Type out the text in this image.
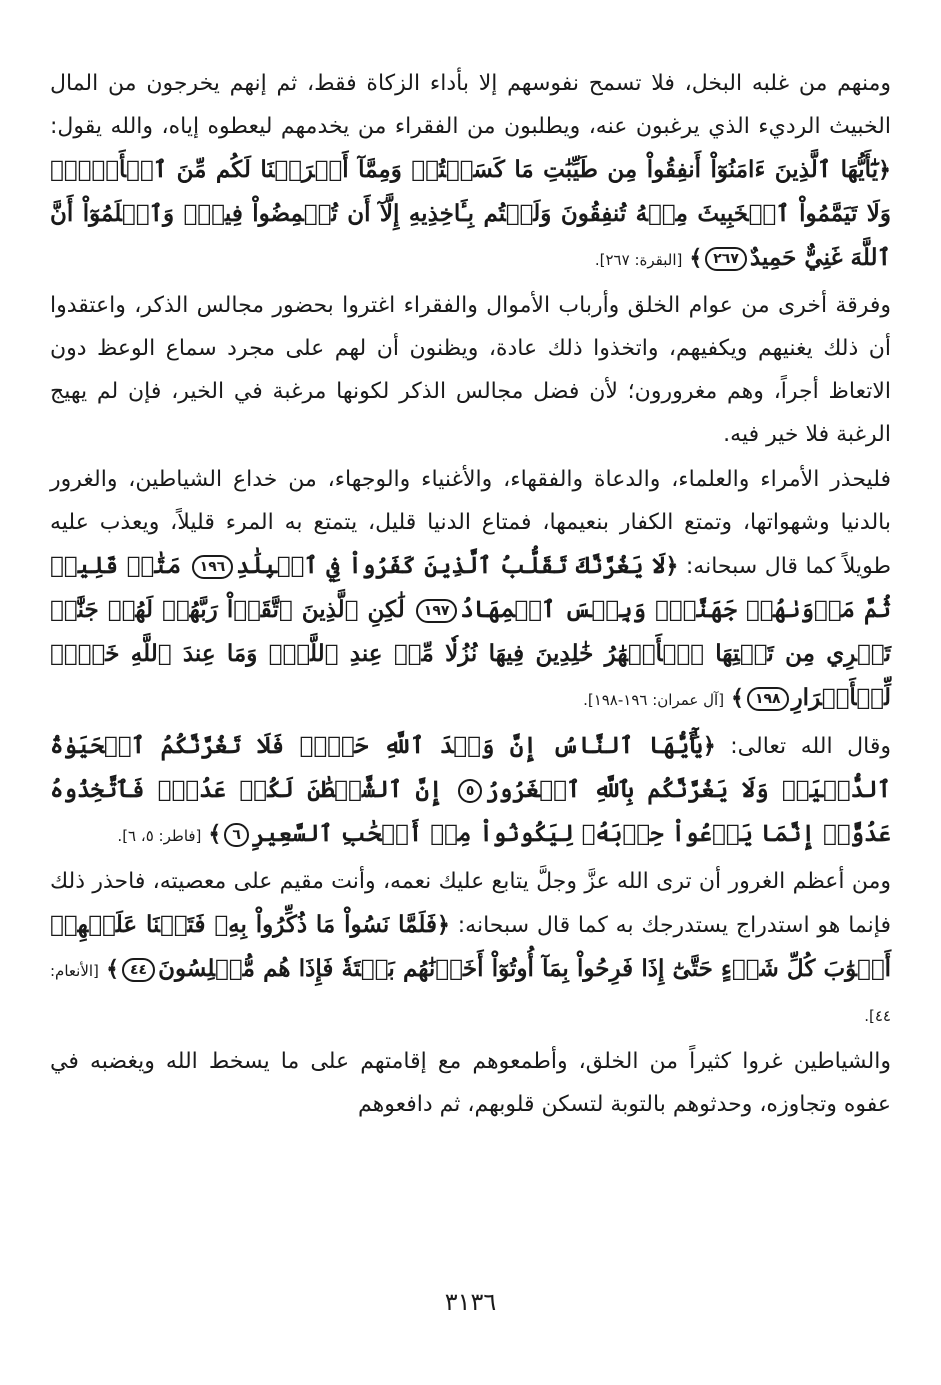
ومنهم من غلبه البخل، فلا تسمح نفوسهم إلا بأداء الزكاة فقط، ثم إنهم يخرجون من المال الخبيث الرديء الذي يرغبون عنه، ويطلبون من الفقراء من يخدمهم ليعطوه إياه، والله يقول: ﴿يَٰٓأَيُّهَا ٱلَّذِينَ ءَامَنُوٓاْ أَنفِقُواْ مِن طَيِّبَٰتِ مَا كَسَبۡتُمۡ وَمِمَّآ أَخۡرَجۡنَا لَكُم مِّنَ ٱلۡأَرۡضِۖ وَلَا تَيَمَّمُواْ ٱلۡخَبِيثَ مِنۡهُ تُنفِقُونَ وَلَسۡتُم بِـَٔاخِذِيهِ إِلَّآ أَن تُغۡمِضُواْ فِيهِۚ وَٱعۡلَمُوٓاْ أَنَّ ٱللَّهَ غَنِيٌّ حَمِيدٌ٢٦٧﴾ [البقرة: ٢٦٧].

وفرقة أخرى من عوام الخلق وأرباب الأموال والفقراء اغتروا بحضور مجالس الذكر، واعتقدوا أن ذلك يغنيهم ويكفيهم، واتخذوا ذلك عادة، ويظنون أن لهم على مجرد سماع الوعظ دون الاتعاظ أجراً، وهم مغرورون؛ لأن فضل مجالس الذكر لكونها مرغبة في الخير، فإن لم يهيج الرغبة فلا خير فيه.

فليحذر الأمراء والعلماء، والدعاة والفقهاء، والأغنياء والوجهاء، من خداع الشياطين، والغرور بالدنيا وشهواتها، وتمتع الكفار بنعيمها، فمتاع الدنيا قليل، يتمتع به المرء قليلاً، ويعذب عليه طويلاً كما قال سبحانه: ﴿لَا يَغُرَّنَّكَ تَقَلُّبُ ٱلَّذِينَ كَفَرُواْ فِي ٱلۡبِلَٰدِ١٩٦ مَتَٰعٞ قَلِيلٞ ثُمَّ مَأۡوَىٰهُمۡ جَهَنَّمُۖ وَبِئۡسَ ٱلۡمِهَادُ١٩٧ لَٰكِنِ ٱلَّذِينَ ٱتَّقَوۡاْ رَبَّهُمۡ لَهُمۡ جَنَّٰتٞ تَجۡرِي مِن تَحۡتِهَا ٱلۡأَنۡهَٰرُ خَٰلِدِينَ فِيهَا نُزُلٗا مِّنۡ عِندِ ٱللَّهِۗ وَمَا عِندَ ٱللَّهِ خَيۡرٞ لِّلۡأَبۡرَارِ١٩٨﴾ [آل عمران: ١٩٦-١٩٨].

وقال الله تعالى: ﴿يَٰٓأَيُّهَا ٱلنَّاسُ إِنَّ وَعۡدَ ٱللَّهِ حَقّٞۖ فَلَا تَغُرَّنَّكُمُ ٱلۡحَيَوٰةُ ٱلدُّنۡيَاۖ وَلَا يَغُرَّنَّكُم بِٱللَّهِ ٱلۡغَرُورُ٥ إِنَّ ٱلشَّيۡطَٰنَ لَكُمۡ عَدُوّٞ فَٱتَّخِذُوهُ عَدُوًّاۚ إِنَّمَا يَدۡعُواْ حِزۡبَهُۥ لِيَكُونُواْ مِنۡ أَصۡحَٰبِ ٱلسَّعِيرِ٦﴾ [فاطر: ٥، ٦].

ومن أعظم الغرور أن ترى الله عزَّ وجلَّ يتابع عليك نعمه، وأنت مقيم على معصيته، فاحذر ذلك فإنما هو استدراج يستدرجك به كما قال سبحانه: ﴿فَلَمَّا نَسُواْ مَا ذُكِّرُواْ بِهِۦ فَتَحۡنَا عَلَيۡهِمۡ أَبۡوَٰبَ كُلِّ شَيۡءٍ حَتَّىٰٓ إِذَا فَرِحُواْ بِمَآ أُوتُوٓاْ أَخَذۡنَٰهُم بَغۡتَةٗ فَإِذَا هُم مُّبۡلِسُونَ٤٤﴾ [الأنعام: ٤٤].

والشياطين غروا كثيراً من الخلق، وأطمعوهم مع إقامتهم على ما يسخط الله ويغضبه في عفوه وتجاوزه، وحدثوهم بالتوبة لتسكن قلوبهم، ثم دافعوهم

٣١٣٦
